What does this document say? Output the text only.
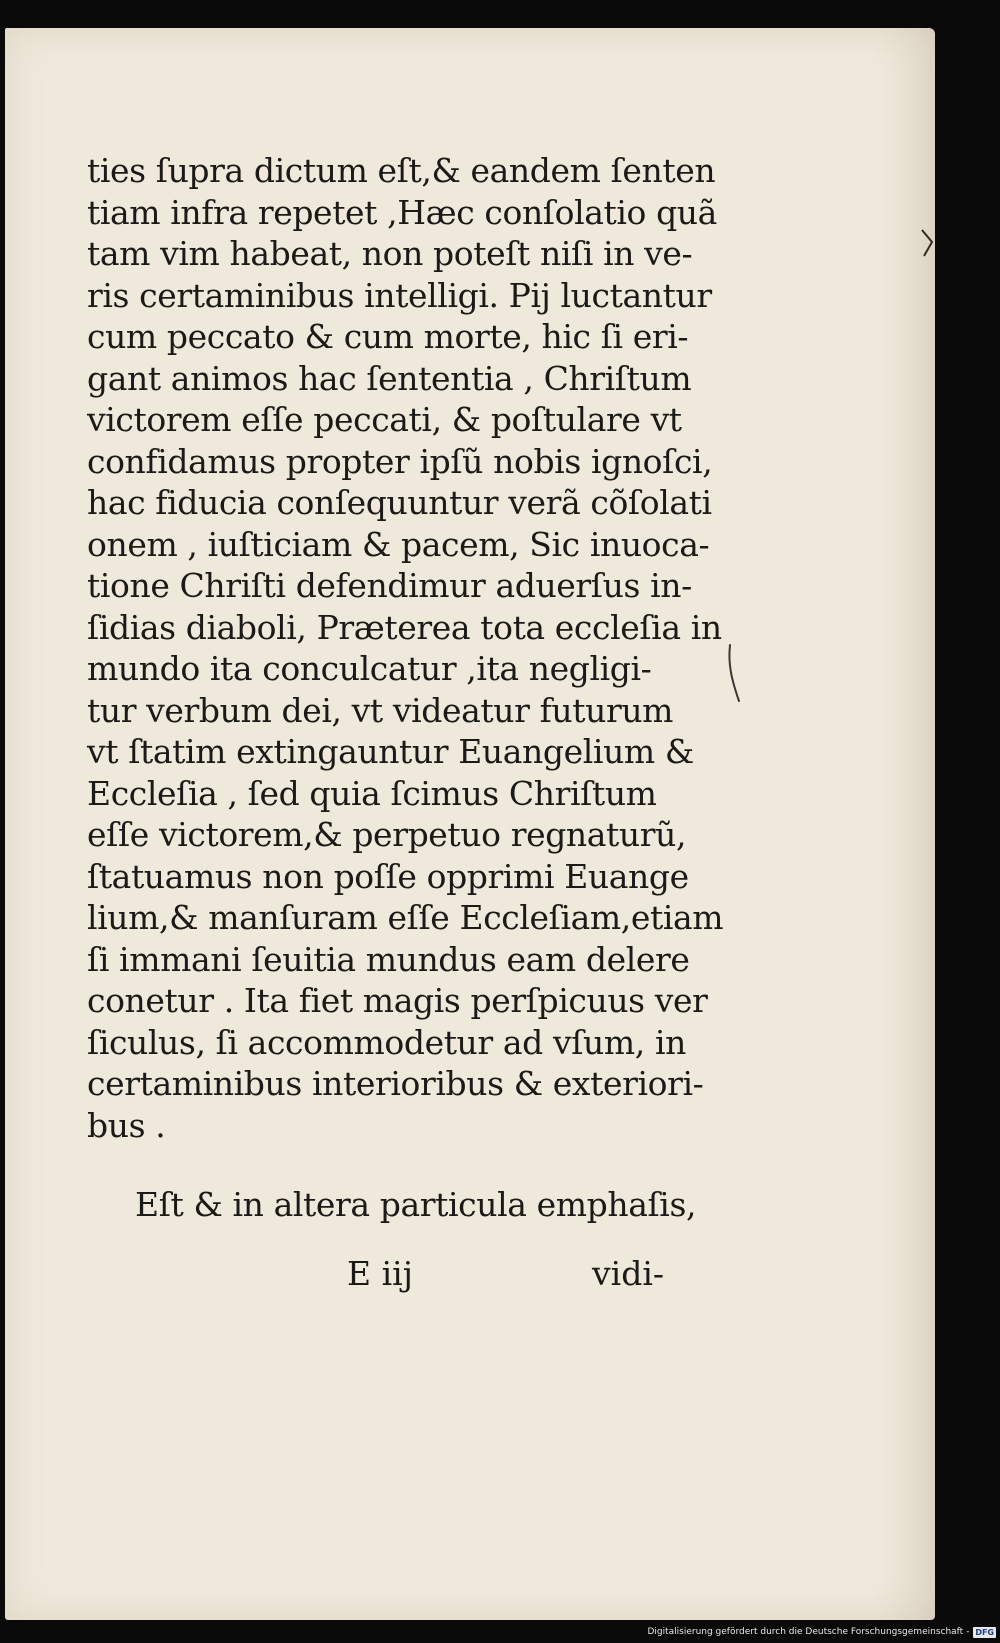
ties ſupra dictum eſt,& eandem ſenten
tiam infra repetet ,Hæc conſolatio quã
tam vim habeat, non poteſt niſi in ve-
ris certaminibus intelligi. Pij luctantur
cum peccato & cum morte, hic ſi eri-
gant animos hac ſententia , Chriſtum
victorem eſſe peccati, & poſtulare vt
confidamus propter ipſũ nobis ignoſci,
hac fiducia conſequuntur verã cõſolati
onem , iuſticiam & pacem, Sic inuoca-
tione Chriſti defendimur aduerſus in-
ſidias diaboli, Præterea tota eccleſia in
mundo ita conculcatur ,ita negligi-
tur verbum dei, vt videatur futurum
vt ſtatim extingauntur Euangelium &
Eccleſia , ſed quia ſcimus Chriſtum
eſſe victorem,& perpetuo regnaturũ,
ſtatuamus non poſſe opprimi Euange
lium,& manſuram eſſe Eccleſiam,etiam
ſi immani ſeuitia mundus eam delere
conetur . Ita fiet magis perſpicuus ver
ſiculus, ſi accommodetur ad vſum, in
certaminibus interioribus & exteriori-
bus .
Eſt & in altera particula emphaſis,
E iij	vidi-
Digitalisierung gefördert durch die Deutsche Forschungsgemeinschaft - DFG
